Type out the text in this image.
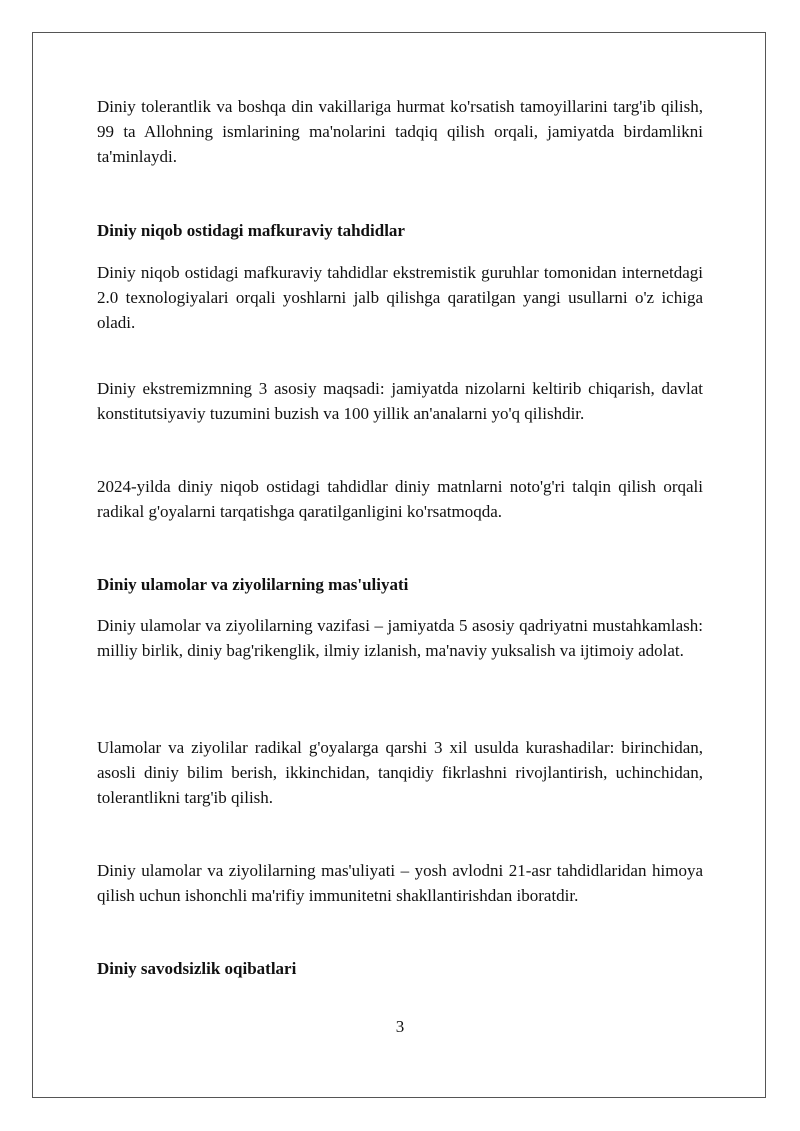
Diniy tolerantlik va boshqa din vakillariga hurmat ko'rsatish tamoyillarini targ'ib qilish, 99 ta Allohning ismlarining ma'nolarini tadqiq qilish orqali, jamiyatda birdamlikni ta'minlaydi.

Diniy niqob ostidagi mafkuraviy tahdidlar

Diniy niqob ostidagi mafkuraviy tahdidlar ekstremistik guruhlar tomonidan internetdagi 2.0 texnologiyalari orqali yoshlarni jalb qilishga qaratilgan yangi usullarni o'z ichiga oladi.

Diniy ekstremizmning 3 asosiy maqsadi: jamiyatda nizolarni keltirib chiqarish, davlat konstitutsiyaviy tuzumini buzish va 100 yillik an'analarni yo'q qilishdir.

2024-yilda diniy niqob ostidagi tahdidlar diniy matnlarni noto'g'ri talqin qilish orqali radikal g'oyalarni tarqatishga qaratilganligini ko'rsatmoqda.

Diniy ulamolar va ziyolilarning mas'uliyati

Diniy ulamolar va ziyolilarning vazifasi – jamiyatda 5 asosiy qadriyatni mustahkamlash: milliy birlik, diniy bag'rikenglik, ilmiy izlanish, ma'naviy yuksalish va ijtimoiy adolat.

Ulamolar va ziyolilar radikal g'oyalarga qarshi 3 xil usulda kurashadilar: birinchidan, asosli diniy bilim berish, ikkinchidan, tanqidiy fikrlashni rivojlantirish, uchinchidan, tolerantlikni targ'ib qilish.

Diniy ulamolar va ziyolilarning mas'uliyati – yosh avlodni 21-asr tahdidlaridan himoya qilish uchun ishonchli ma'rifiy immunitetni shakllantirishdan iboratdir.

Diniy savodsizlik oqibatlari
3
